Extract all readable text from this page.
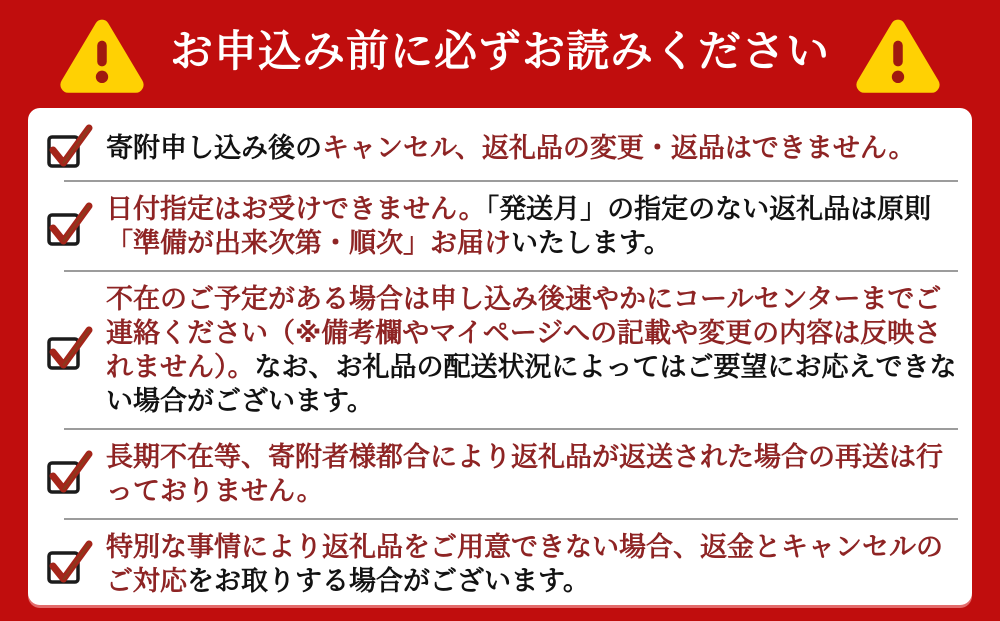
お申込み前に必ずお読みください

寄附申し込み後のキャンセル、返礼品の変更・返品はできません。

日付指定はお受けできません。「発送月」の指定のない返礼品は原則「準備が出来次第・順次」お届けいたします。

不在のご予定がある場合は申し込み後速やかにコールセンターまでご連絡ください（※備考欄やマイページへの記載や変更の内容は反映されません）。なお、お礼品の配送状況によってはご要望にお応えできない場合がございます。

長期不在等、寄附者様都合により返礼品が返送された場合の再送は行っておりません。

特別な事情により返礼品をご用意できない場合、返金とキャンセルのご対応をお取りする場合がございます。
